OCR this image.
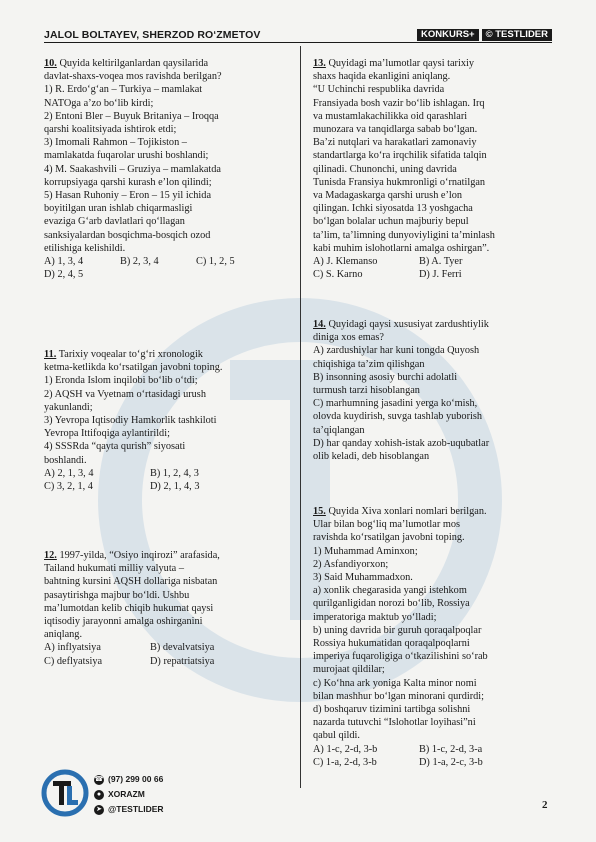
JALOL BOLTAYEV, SHERZOD RO‘ZMETOV	KONKURS+	© TESTLIDER

10. Quyida keltirilganlardan qaysilarida

davlat-shaxs-voqea mos ravishda berilgan?

1) R. Erdo‘g‘an – Turkiya – mamlakat

NATOga a’zo bo‘lib kirdi;

2) Entoni Bler – Buyuk Britaniya – Iroqqa

qarshi koalitsiyada ishtirok etdi;

3) Imomali Rahmon – Tojikiston –

mamlakatda fuqarolar urushi boshlandi;

4) M. Saakashvili – Gruziya – mamlakatda

korrupsiyaga qarshi kurash e’lon qilindi;

5) Hasan Ruhoniy – Eron – 15 yil ichida

boyitilgan uran ishlab chiqarmasligi

evaziga G‘arb davlatlari qo‘llagan

sanksiyalardan bosqichma-bosqich ozod

etilishiga kelishildi.

A) 1, 3, 4	B) 2, 3, 4	C) 1, 2, 5
D) 2, 4, 5

11. Tarixiy voqealar to‘g‘ri xronologik

ketma-ketlikda ko‘rsatilgan javobni toping.

1) Eronda Islom inqilobi bo‘lib o‘tdi;

2) AQSH va Vyetnam o‘rtasidagi urush

yakunlandi;

3) Yevropa Iqtisodiy Hamkorlik tashkiloti

Yevropa Ittifoqiga aylantirildi;

4) SSSRda “qayta qurish” siyosati

boshlandi.

A) 2, 1, 3, 4	B) 1, 2, 4, 3
C) 3, 2, 1, 4	D) 2, 1, 4, 3

12. 1997-yilda, “Osiyo inqirozi” arafasida,

Tailand hukumati milliy valyuta –

bahtning kursini AQSH dollariga nisbatan

pasaytirishga majbur bo‘ldi. Ushbu

ma’lumotdan kelib chiqib hukumat qaysi

iqtisodiy jarayonni amalga oshirganini

aniqlang.

A) inflyatsiya	B) devalvatsiya
C) deflyatsiya	D) repatriatsiya

13. Quyidagi ma’lumotlar qaysi tarixiy

shaxs haqida ekanligini aniqlang.

“U Uchinchi respublika davrida

Fransiyada bosh vazir bo‘lib ishlagan. Irq

va mustamlakachilikka oid qarashlari

munozara va tanqidlarga sabab bo‘lgan.

Ba’zi nutqlari va harakatlari zamonaviy

standartlarga ko‘ra irqchilik sifatida talqin

qilinadi. Chunonchi, uning davrida

Tunisda Fransiya hukmronligi o‘rnatilgan

va Madagaskarga qarshi urush e’lon

qilingan. Ichki siyosatda 13 yoshgacha

bo‘lgan bolalar uchun majburiy bepul

ta’lim, ta’limning dunyoviyligini ta’minlash

kabi muhim islohotlarni amalga oshirgan”.

A) J. Klemanso	B) A. Tyer
C) S. Karno	D) J. Ferri

14. Quyidagi qaysi xususiyat zardushtiylik

diniga xos emas?

A) zardushiylar har kuni tongda Quyosh

chiqishiga ta’zim qilishgan

B) insonning asosiy burchi adolatli

turmush tarzi hisoblangan

C) marhumning jasadini yerga ko‘mish,

olovda kuydirish, suvga tashlab yuborish

ta’qiqlangan

D) har qanday xohish-istak azob-uqubatlar

olib keladi, deb hisoblangan

15. Quyida Xiva xonlari nomlari berilgan.

Ular bilan bog‘liq ma’lumotlar mos

ravishda ko‘rsatilgan javobni toping.

1) Muhammad Aminxon;

2) Asfandiyorxon;

3) Said Muhammadxon.

a) xonlik chegarasida yangi istehkom

qurilganligidan norozi bo‘lib, Rossiya

imperatoriga maktub yo‘lladi;

b) uning davrida bir guruh qoraqalpoqlar

Rossiya hukumatidan qoraqalpoqlarni

imperiya fuqaroligiga o‘tkazilishini so‘rab

murojaat qildilar;

c) Ko‘hna ark yoniga Kalta minor nomi

bilan mashhur bo‘lgan minorani qurdirdi;

d) boshqaruv tizimini tartibga solishni

nazarda tutuvchi “Islohotlar loyihasi”ni

qabul qildi.

A) 1-c, 2-d, 3-b	B) 1-c, 2-d, 3-a
C) 1-a, 2-d, 3-b	D) 1-a, 2-c, 3-b
☎ (97) 299 00 66
● XORAZM
➤ @TESTLIDER	2
